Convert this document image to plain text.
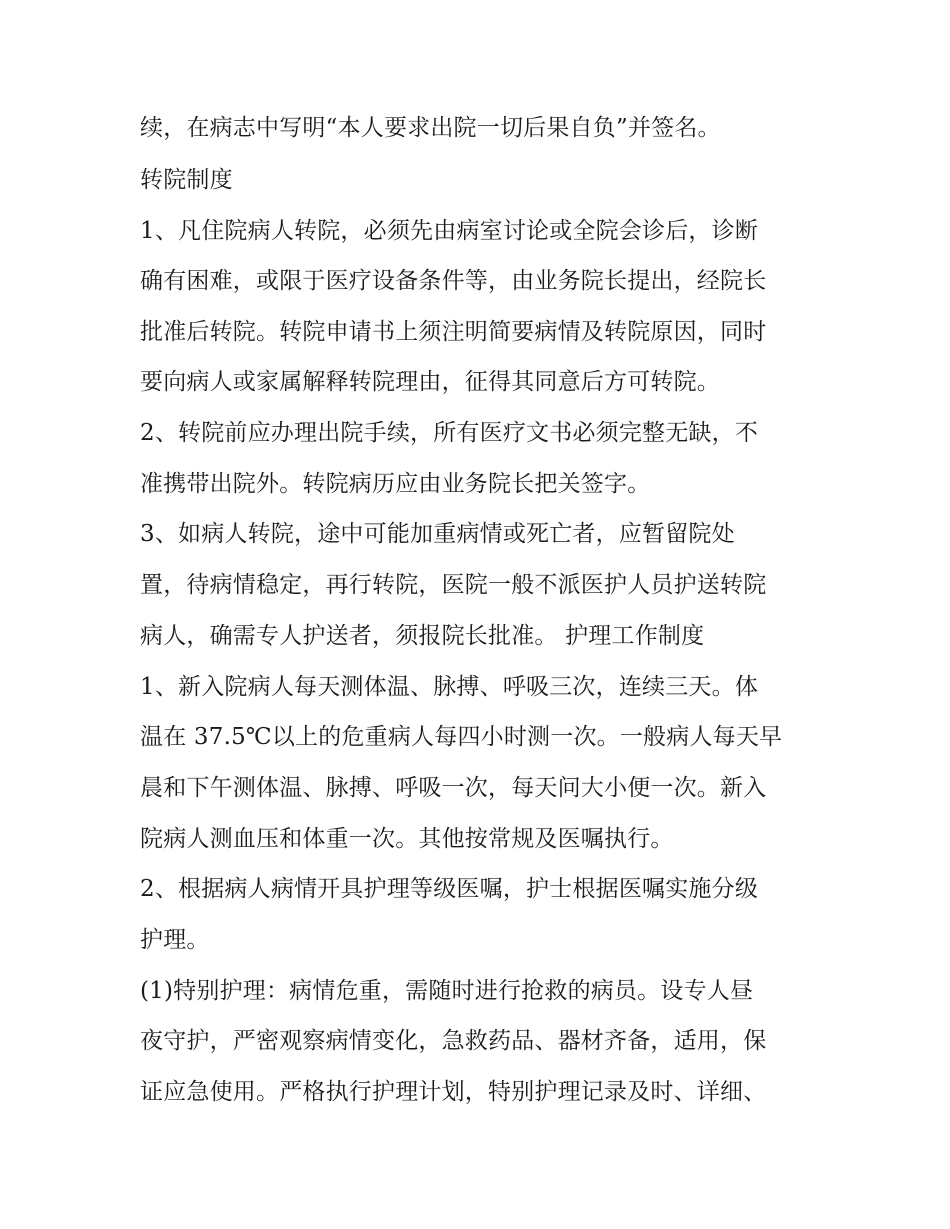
续，在病志中写明“本人要求出院一切后果自负”并签名。
转院制度
1、凡住院病人转院，必须先由病室讨论或全院会诊后，诊断
确有困难，或限于医疗设备条件等，由业务院长提出，经院长
批准后转院。转院申请书上须注明简要病情及转院原因，同时
要向病人或家属解释转院理由，征得其同意后方可转院。
2、转院前应办理出院手续，所有医疗文书必须完整无缺，不
准携带出院外。转院病历应由业务院长把关签字。
3、如病人转院，途中可能加重病情或死亡者，应暂留院处
置，待病情稳定，再行转院，医院一般不派医护人员护送转院
病人，确需专人护送者，须报院长批准。 护理工作制度
1、新入院病人每天测体温、脉搏、呼吸三次，连续三天。体
温在 37.5℃以上的危重病人每四小时测一次。一般病人每天早
晨和下午测体温、脉搏、呼吸一次，每天问大小便一次。新入
院病人测血压和体重一次。其他按常规及医嘱执行。
2、根据病人病情开具护理等级医嘱，护士根据医嘱实施分级
护理。
(1)特别护理：病情危重，需随时进行抢救的病员。设专人昼
夜守护，严密观察病情变化，急救药品、器材齐备，适用，保
证应急使用。严格执行护理计划，特别护理记录及时、详细、
